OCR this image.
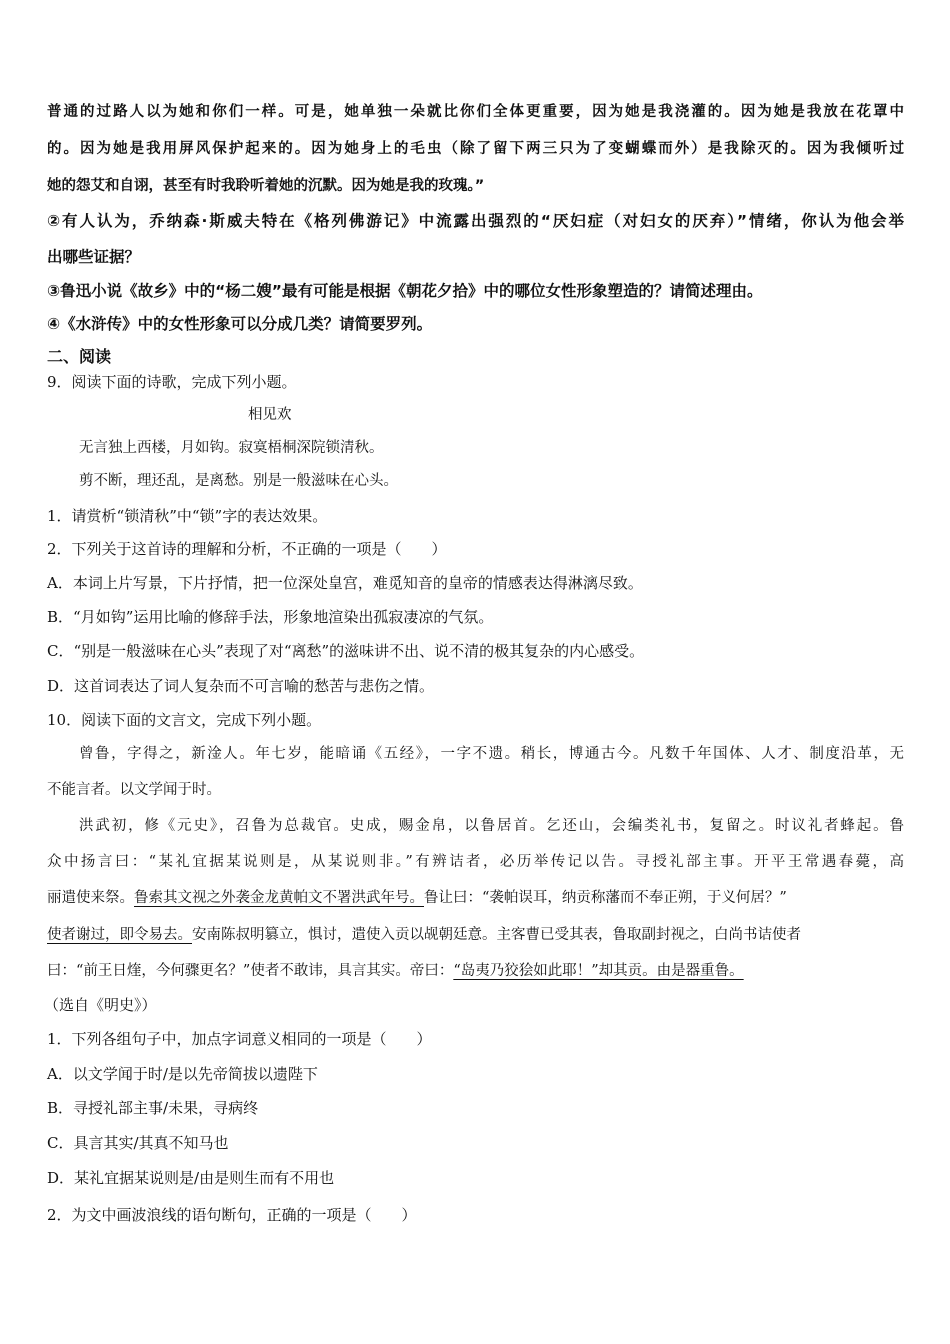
普通的过路人以为她和你们一样。可是，她单独一朵就比你们全体更重要，因为她是我浇灌的。因为她是我放在花罩中
的。因为她是我用屏风保护起来的。因为她身上的毛虫（除了留下两三只为了变蝴蝶而外）是我除灭的。因为我倾听过
她的怨艾和自诩，甚至有时我聆听着她的沉默。因为她是我的玫瑰。”
②有人认为，乔纳森·斯威夫特在《格列佛游记》中流露出强烈的“厌妇症（对妇女的厌弃）”情绪，你认为他会举
出哪些证据？
③鲁迅小说《故乡》中的“杨二嫂”最有可能是根据《朝花夕拾》中的哪位女性形象塑造的？请简述理由。
④《水浒传》中的女性形象可以分成几类？请简要罗列。
二、阅读
9．阅读下面的诗歌，完成下列小题。
相见欢
无言独上西楼，月如钩。寂寞梧桐深院锁清秋。
剪不断，理还乱，是离愁。别是一般滋味在心头。
1．请赏析“锁清秋”中“锁”字的表达效果。
2．下列关于这首诗的理解和分析，不正确的一项是（　　）
A．本词上片写景，下片抒情，把一位深处皇宫，难觅知音的皇帝的情感表达得淋漓尽致。
B．“月如钩”运用比喻的修辞手法，形象地渲染出孤寂凄凉的气氛。
C．“别是一般滋味在心头”表现了对“离愁”的滋味讲不出、说不清的极其复杂的内心感受。
D．这首词表达了词人复杂而不可言喻的愁苦与悲伤之情。
10．阅读下面的文言文，完成下列小题。
曾鲁，字得之，新淦人。年七岁，能暗诵《五经》，一字不遗。稍长，博通古今。凡数千年国体、人才、制度沿革，无
不能言者。以文学闻于时。
洪武初，修《元史》，召鲁为总裁官。史成，赐金帛，以鲁居首。乞还山，会编类礼书，复留之。时议礼者蜂起。鲁
众中扬言曰：“某礼宜据某说则是，从某说则非。”有辨诘者，必历举传记以告。寻授礼部主事。开平王常遇春薨，高
丽遣使来祭。鲁索其文视之外袭金龙黄帕文不署洪武年号。鲁让曰：“袭帕误耳，纳贡称藩而不奉正朔，于义何居？”
使者谢过，即令易去。安南陈叔明篡立，惧讨，遣使入贡以觇朝廷意。主客曹已受其表，鲁取副封视之，白尚书诘使者
曰：“前王日煃，今何骤更名？”使者不敢讳，具言其实。帝曰：“岛夷乃狡狯如此耶！”却其贡。由是器重鲁。
（选自《明史》）
1．下列各组句子中，加点字词意义相同的一项是（　　）
A．以文学闻于时/是以先帝简拔以遗陛下
B．寻授礼部主事/未果，寻病终
C．具言其实/其真不知马也
D．某礼宜据某说则是/由是则生而有不用也
2．为文中画波浪线的语句断句，正确的一项是（　　）
